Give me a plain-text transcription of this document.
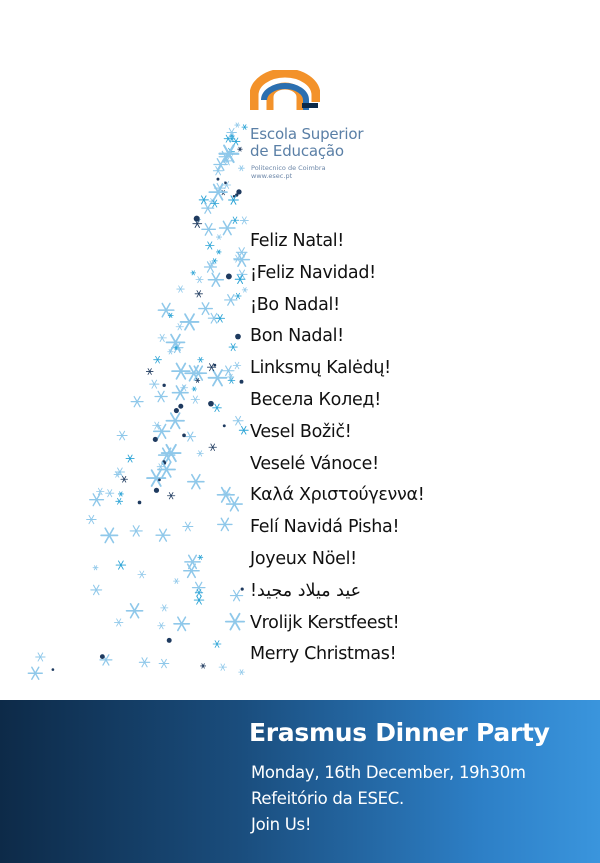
Escola Superior
de Educação
Politecnico de Coimbra
www.esec.pt
Feliz Natal!
¡Feliz Navidad!
¡Bo Nadal!
Bon Nadal!
Linksmų Kalėdų!
Весела Колед!
Vesel Božič!
Veselé Vánoce!
Καλά Χριστούγεννα!
Felí Navidá Pisha!
Joyeux Nöel!
عيد ميلاد مجيد!
Vrolijk Kerstfeest!
Merry Christmas!
Erasmus Dinner Party
Monday, 16th December, 19h30m
Refeitório da ESEC.
Join Us!
